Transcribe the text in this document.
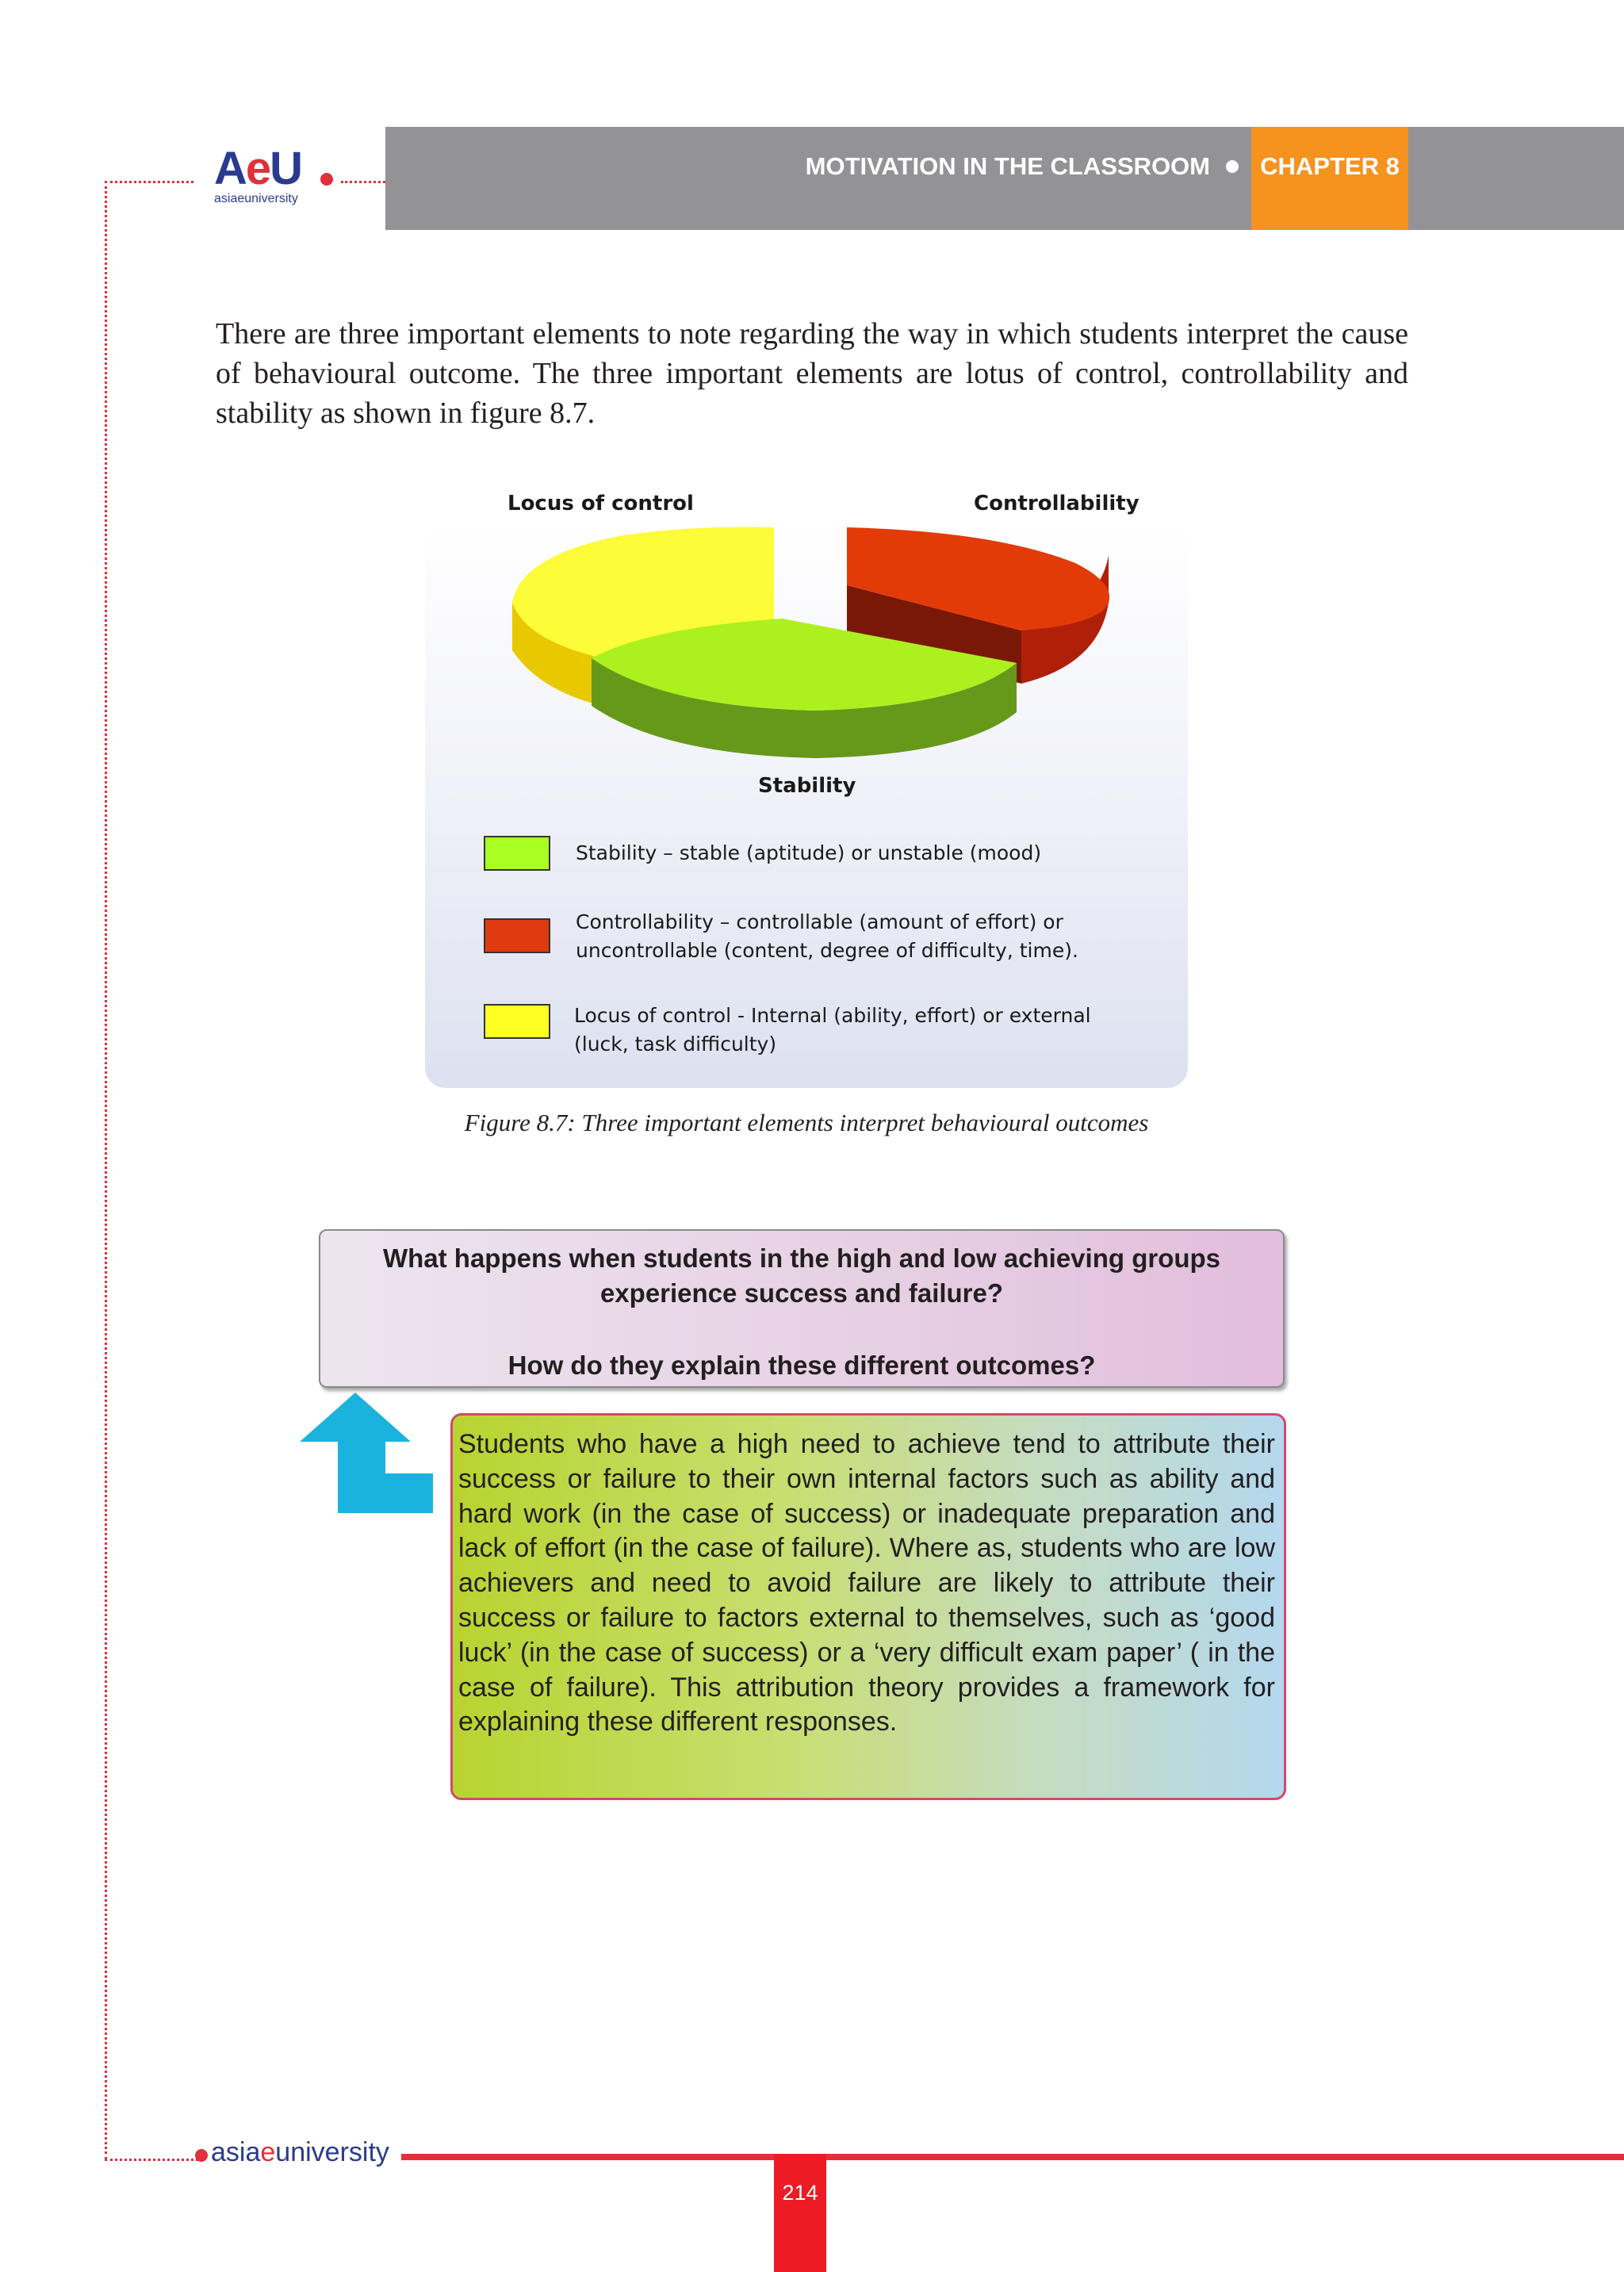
AeU
asiaeuniversity
MOTIVATION IN THE CLASSROOM	CHAPTER 8
There are three important elements to note regarding the way in which students interpret the cause of behavioural outcome. The three important elements are lotus of control, controllability and stability as shown in figure 8.7.
Locus of control	Controllability
Stability
Stability – stable (aptitude) or unstable (mood)
Controllability – controllable (amount of effort) or
uncontrollable (content, degree of difficulty, time).
Locus of control - Internal (ability, effort) or external
(luck, task difficulty)
Figure 8.7: Three important elements interpret behavioural outcomes
What happens when students in the high and low achieving groups
experience success and failure?
How do they explain these different outcomes?
Students who have a high need to achieve tend to attribute their success or failure to their own internal factors such as ability and hard work (in the case of success) or inadequate preparation and lack of effort (in the case of failure). Where as, students who are low achievers and need to avoid failure are likely to attribute their success or failure to factors external to themselves, such as ‘good luck’ (in the case of success) or a ‘very difficult exam paper’ ( in the case of failure). This attribution theory provides a framework for explaining these different responses.
asiaeuniversity
214
